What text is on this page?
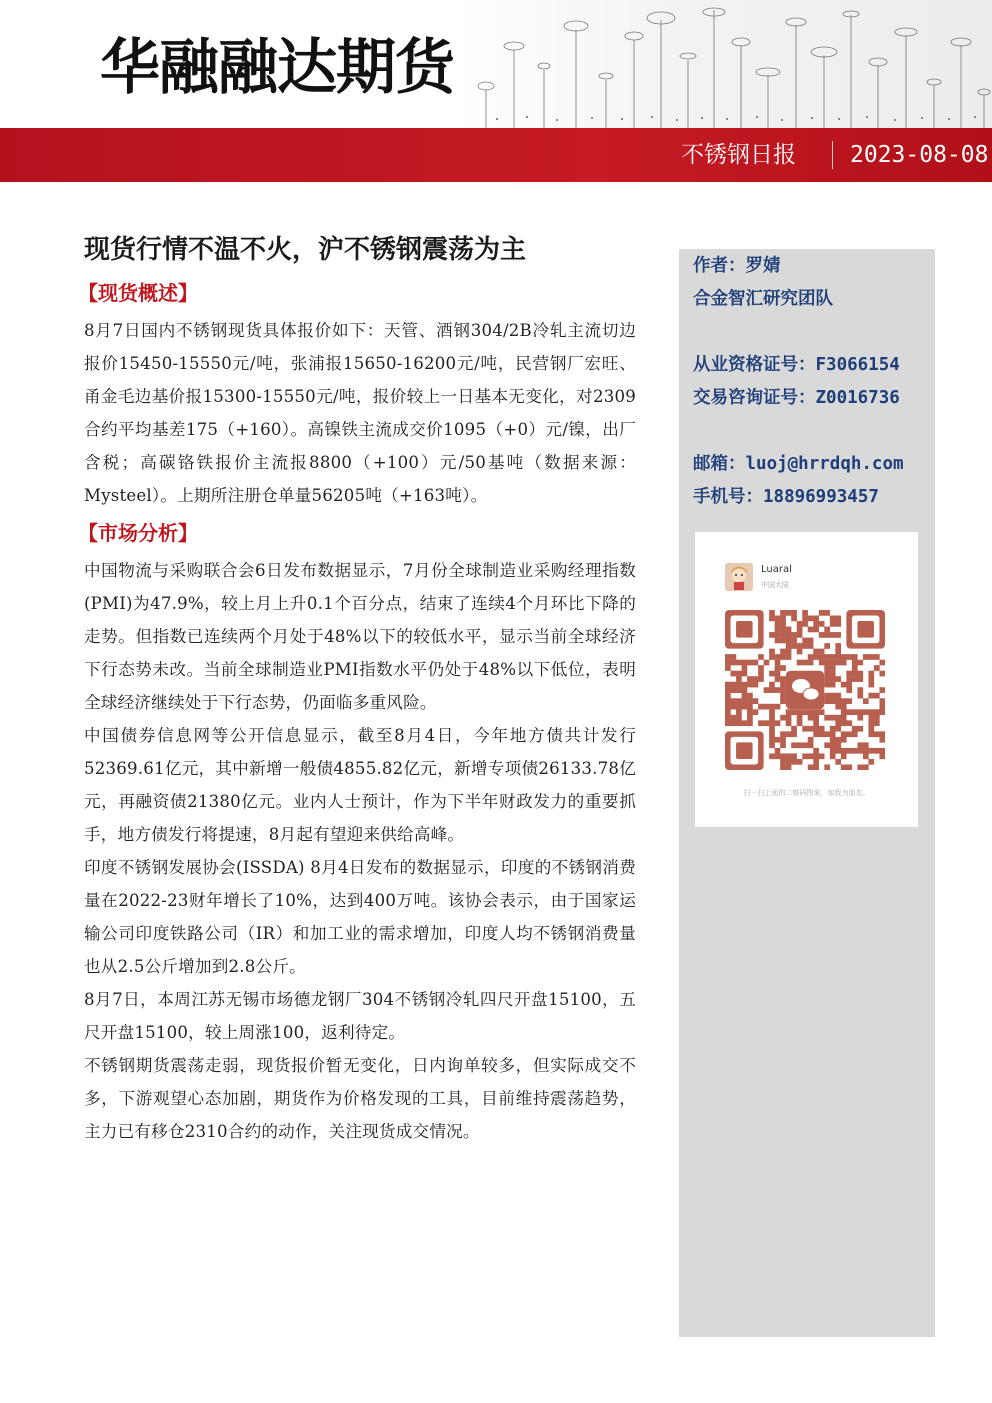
华融融达期货
不锈钢日报 2023-08-08
现货行情不温不火，沪不锈钢震荡为主
【现货概述】

8月7日国内不锈钢现货具体报价如下：天管、酒钢304/2B冷轧主流切边报价15450-15550元/吨，张浦报15650-16200元/吨，民营钢厂宏旺、甬金毛边基价报15300-15550元/吨，报价较上一日基本无变化，对2309合约平均基差175（+160）。高镍铁主流成交价1095（+0）元/镍，出厂含税；高碳铬铁报价主流报8800（+100）元/50基吨（数据来源：Mysteel）。上期所注册仓单量56205吨（+163吨）。

【市场分析】

中国物流与采购联合会6日发布数据显示，7月份全球制造业采购经理指数(PMI)为47.9%，较上月上升0.1个百分点，结束了连续4个月环比下降的走势。但指数已连续两个月处于48%以下的较低水平，显示当前全球经济下行态势未改。当前全球制造业PMI指数水平仍处于48%以下低位，表明全球经济继续处于下行态势，仍面临多重风险。

中国债券信息网等公开信息显示，截至8月4日，今年地方债共计发行52369.61亿元，其中新增一般债4855.82亿元，新增专项债26133.78亿元，再融资债21380亿元。业内人士预计，作为下半年财政发力的重要抓手，地方债发行将提速，8月起有望迎来供给高峰。

印度不锈钢发展协会(ISSDA) 8月4日发布的数据显示，印度的不锈钢消费量在2022-23财年增长了10%，达到400万吨。该协会表示，由于国家运输公司印度铁路公司（IR）和加工业的需求增加，印度人均不锈钢消费量也从2.5公斤增加到2.8公斤。

8月7日，本周江苏无锡市场德龙钢厂304不锈钢冷轧四尺开盘15100，五尺开盘15100，较上周涨100，返利待定。

不锈钢期货震荡走弱，现货报价暂无变化，日内询单较多，但实际成交不多，下游观望心态加剧，期货作为价格发现的工具，目前维持震荡趋势，主力已有移仓2310合约的动作，关注现货成交情况。

作者：罗婧
合金智汇研究团队
从业资格证号：F3066154
交易咨询证号：Z0016736
邮箱：luoj@hrrdqh.com
手机号：18896993457
Luaral
中国大陆
扫一扫上面的二维码图案，加我为朋友。
